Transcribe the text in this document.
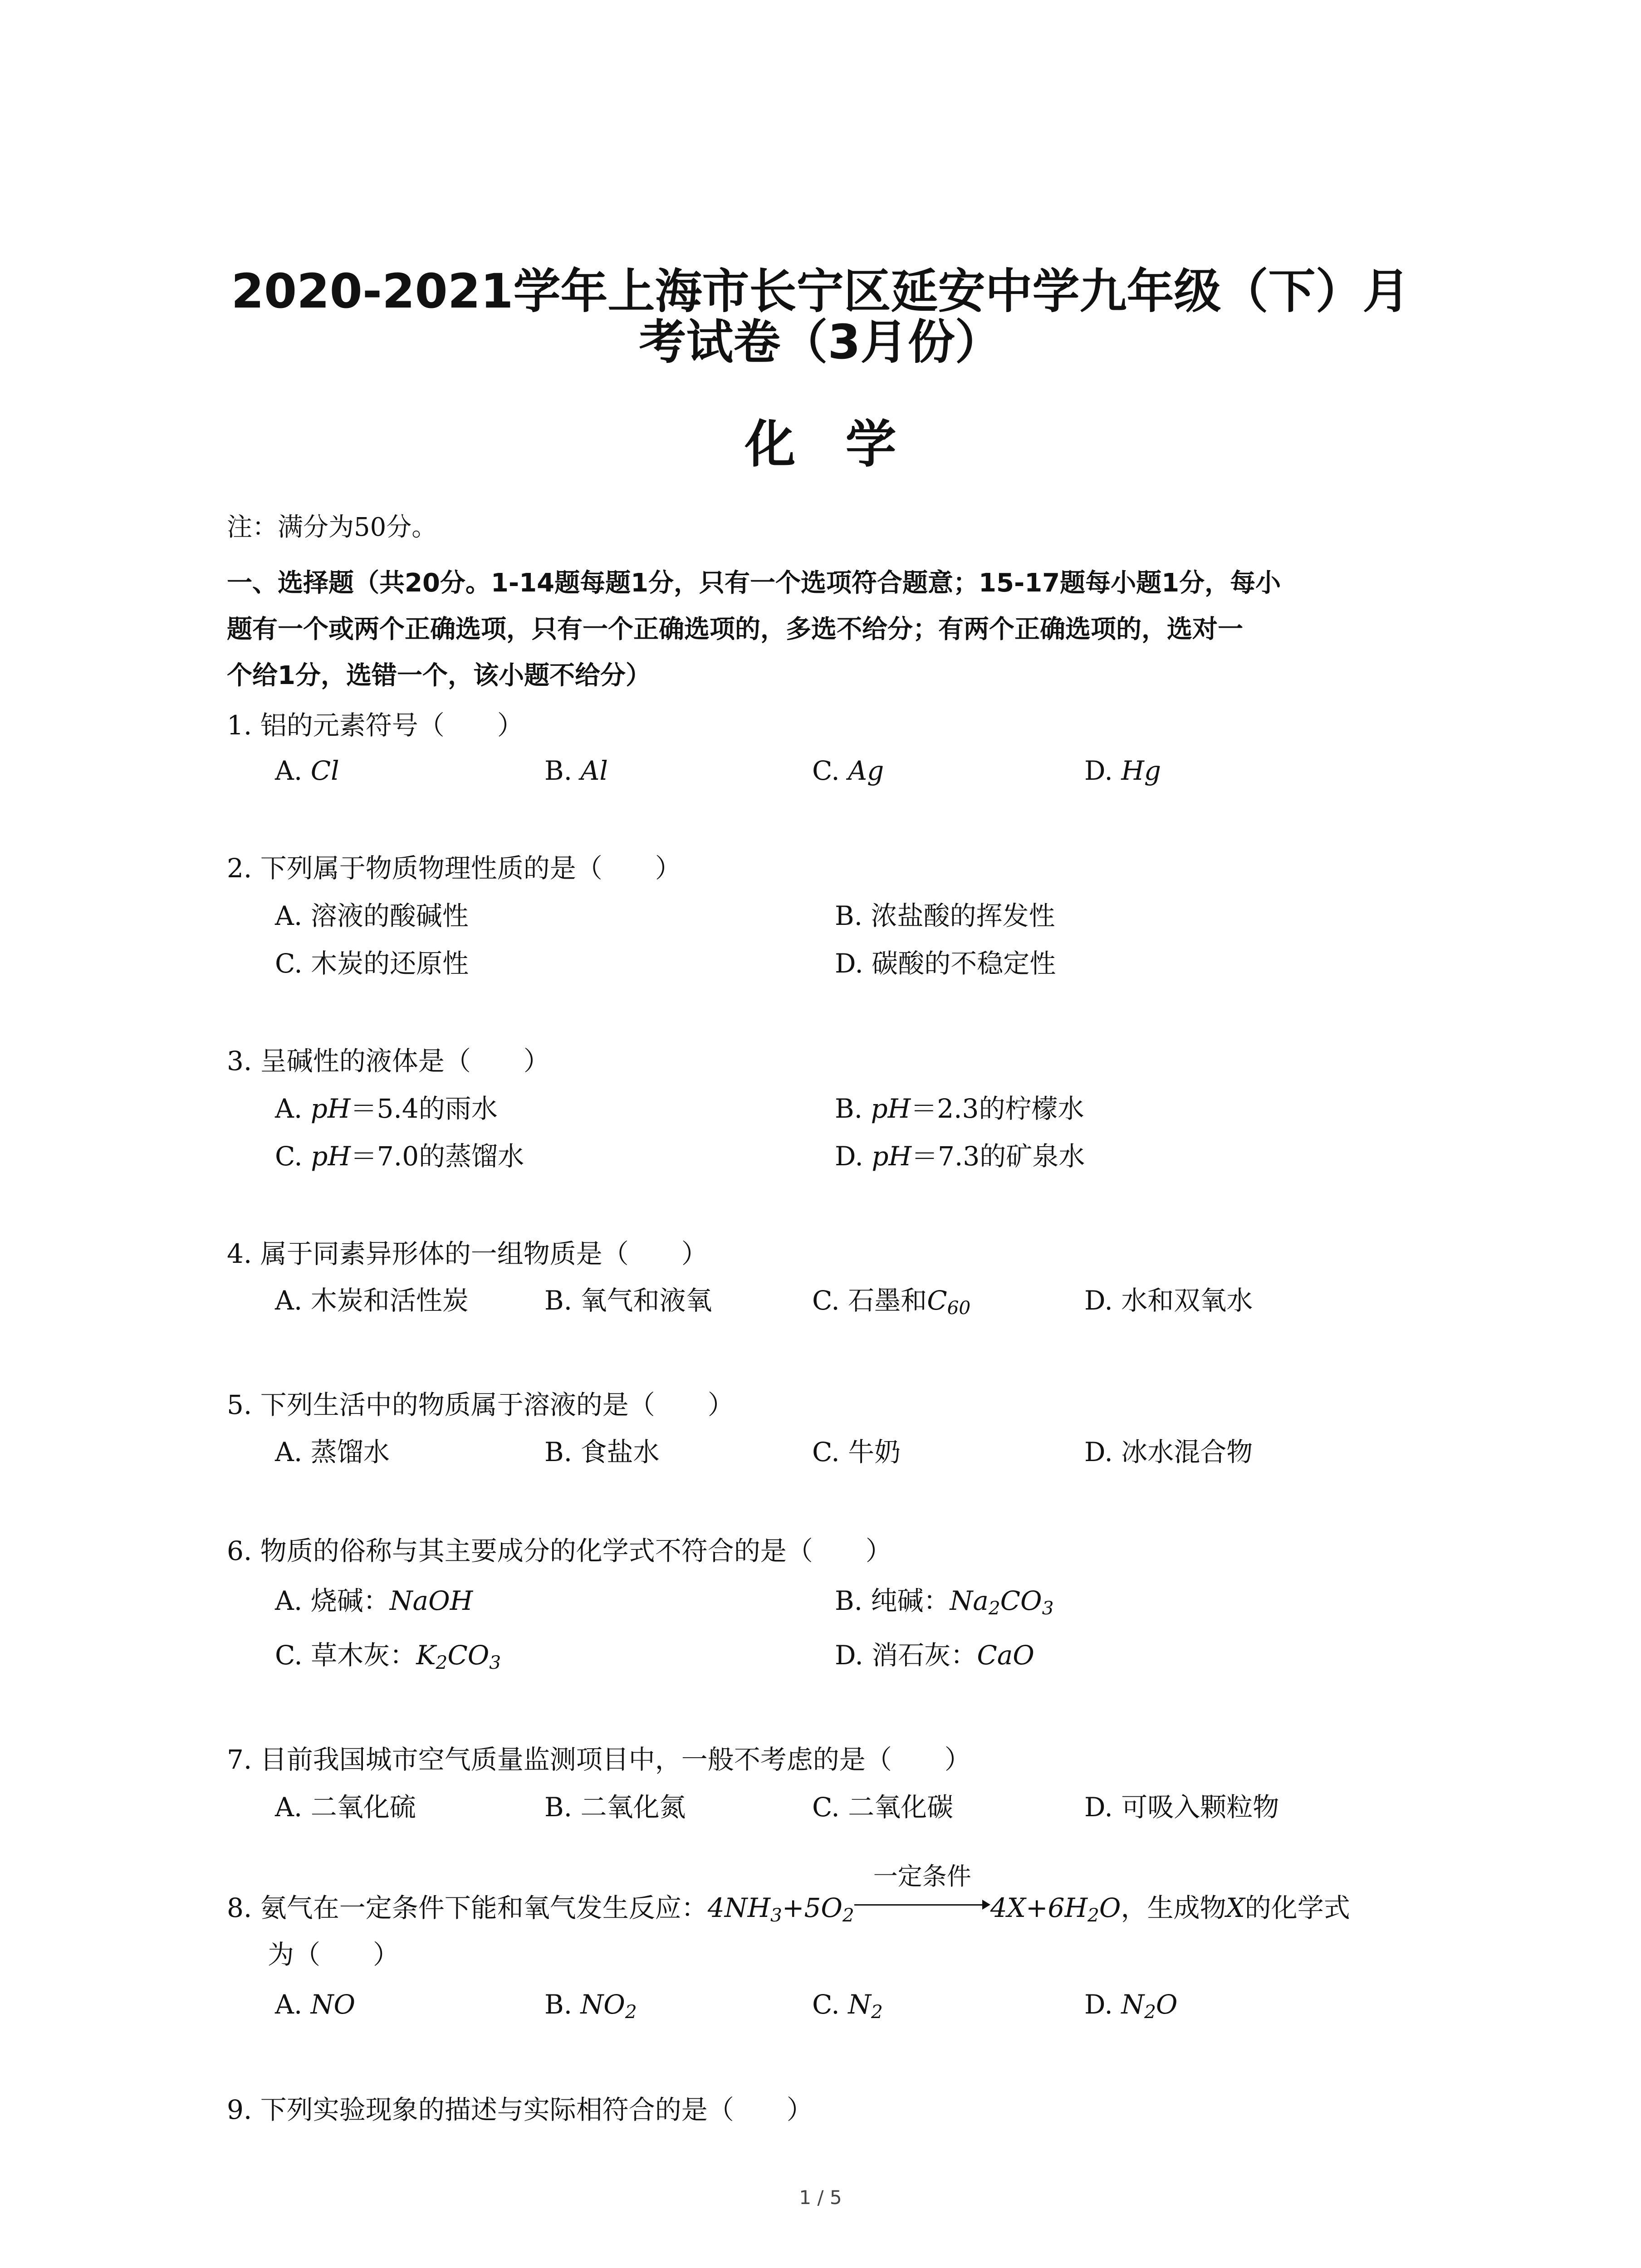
2020-2021学年上海市长宁区延安中学九年级（下）月
考试卷（3月份）
化学
注：满分为50分。
一、选择题（共20分。1-14题每题1分，只有一个选项符合题意；15-17题每小题1分，每小
题有一个或两个正确选项，只有一个正确选项的，多选不给分；有两个正确选项的，选对一
个给1分，选错一个，该小题不给分）
1. 铝的元素符号（　　）
A. Cl	B. Al	C. Ag	D. Hg
2. 下列属于物质物理性质的是（　　）
A. 溶液的酸碱性	B. 浓盐酸的挥发性
C. 木炭的还原性	D. 碳酸的不稳定性
3. 呈碱性的液体是（　　）
A. pH＝5.4的雨水	B. pH＝2.3的柠檬水
C. pH＝7.0的蒸馏水	D. pH＝7.3的矿泉水
4. 属于同素异形体的一组物质是（　　）
A. 木炭和活性炭	B. 氧气和液氧	C. 石墨和$C_{60}$	D. 水和双氧水
5. 下列生活中的物质属于溶液的是（　　）
A. 蒸馏水	B. 食盐水	C. 牛奶	D. 冰水混合物
6. 物质的俗称与其主要成分的化学式不符合的是（　　）
A. 烧碱：NaOH	B. 纯碱：$Na_2CO_3$
C. 草木灰：$K_2CO_3$	D. 消石灰：CaO
7. 目前我国城市空气质量监测项目中，一般不考虑的是（　　）
A. 二氧化硫	B. 二氧化氮	C. 二氧化碳	D. 可吸入颗粒物
8. 氨气在一定条件下能和氧气发生反应：$4NH_3+5O_2$
一定条件
$4X+6H_2O$，生成物X的化学式
为（　　）
A. NO	B. $NO_2$	C. $N_2$	D. $N_2O$
9. 下列实验现象的描述与实际相符合的是（　　）
1 / 5
